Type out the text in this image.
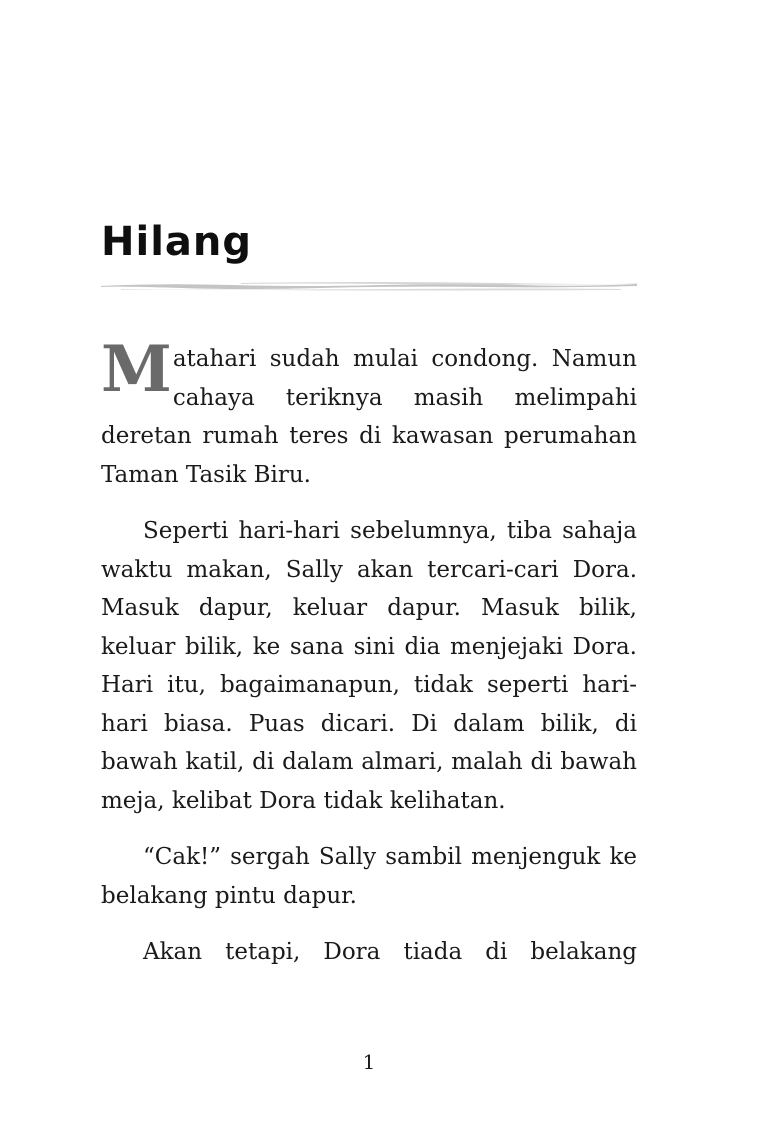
Hilang

Matahari sudah mulai condong. Namun cahaya teriknya masih melimpahi deretan rumah teres di kawasan perumahan Taman Tasik Biru.

Seperti hari-hari sebelumnya, tiba sahaja waktu makan, Sally akan tercari-cari Dora. Masuk dapur, keluar dapur. Masuk bilik, keluar bilik, ke sana sini dia menjejaki Dora. Hari itu, bagaimanapun, tidak seperti hari-hari biasa. Puas dicari. Di dalam bilik, di bawah katil, di dalam almari, malah di bawah meja, kelibat Dora tidak kelihatan.

“Cak!” sergah Sally sambil menjenguk ke belakang pintu dapur.

Akan tetapi, Dora tiada di belakang

1
